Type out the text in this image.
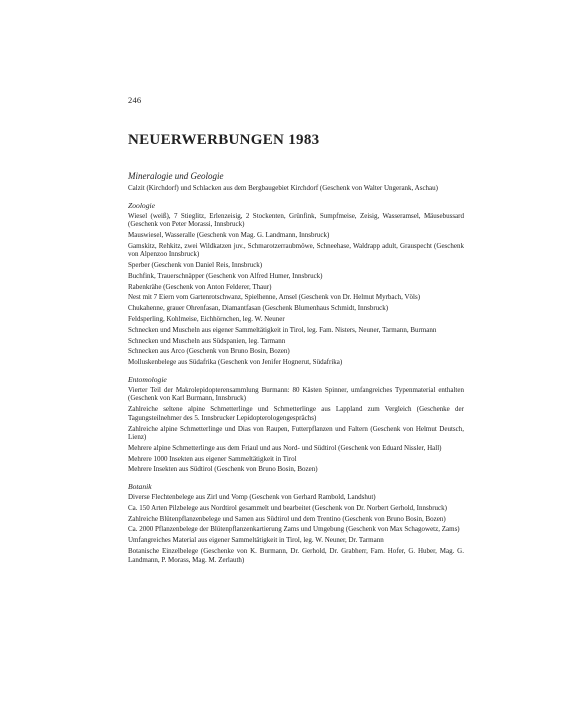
246
NEUERWERBUNGEN 1983
Mineralogie und Geologie
Calzit (Kirchdorf) und Schlacken aus dem Bergbaugebiet Kirchdorf (Geschenk von Walter Ungerank, Aschau)
Zoologie
Wiesel (weiß), 7 Stieglitz, Erlenzeisig, 2 Stockenten, Grünfink, Sumpfmeise, Zeisig, Wasseramsel, Mäusebussard (Geschenk von Peter Morassi, Innsbruck)
Mauswiesel, Wasseralle (Geschenk von Mag. G. Landmann, Innsbruck)
Gamskitz, Rehkitz, zwei Wildkatzen juv., Schmarotzerraubmöwe, Schneehase, Waldrapp adult, Grauspecht (Geschenk von Alpenzoo Innsbruck)
Sperber (Geschenk von Daniel Reis, Innsbruck)
Buchfink, Trauerschnäpper (Geschenk von Alfred Humer, Innsbruck)
Rabenkrähe (Geschenk von Anton Felderer, Thaur)
Nest mit 7 Eiern vom Gartenrotschwanz, Spielhenne, Amsel (Geschenk von Dr. Helmut Myrbach, Völs)
Chukahenne, grauer Ohrenfasan, Diamantfasan (Geschenk Blumenhaus Schmidt, Innsbruck)
Feldsperling, Kohlmeise, Eichhörnchen, leg. W. Neuner
Schnecken und Muscheln aus eigener Sammeltätigkeit in Tirol, leg. Fam. Nisters, Neuner, Tarmann, Burmann
Schnecken und Muscheln aus Südspanien, leg. Tarmann
Schnecken aus Arco (Geschenk von Bruno Bosin, Bozen)
Molluskenbelege aus Südafrika (Geschenk von Jenifer Hognerut, Südafrika)
Entomologie
Vierter Teil der Makrolepidopterensammlung Burmann: 80 Kästen Spinner, umfangreiches Typenmaterial enthalten (Geschenk von Karl Burmann, Innsbruck)
Zahlreiche seltene alpine Schmetterlinge und Schmetterlinge aus Lappland zum Vergleich (Geschenke der Tagungsteilnehmer des 5. Innsbrucker Lepidopterologengesprächs)
Zahlreiche alpine Schmetterlinge und Dias von Raupen, Futterpflanzen und Faltern (Geschenk von Helmut Deutsch, Lienz)
Mehrere alpine Schmetterlinge aus dem Friaul und aus Nord- und Südtirol (Geschenk von Eduard Nissler, Hall)
Mehrere 1000 Insekten aus eigener Sammeltätigkeit in Tirol
Mehrere Insekten aus Südtirol (Geschenk von Bruno Bosin, Bozen)
Botanik
Diverse Flechtenbelege aus Zirl und Vomp (Geschenk von Gerhard Rambold, Landshut)
Ca. 150 Arten Pilzbelege aus Nordtirol gesammelt und bearbeitet (Geschenk von Dr. Norbert Gerhold, Innsbruck)
Zahlreiche Blütenpflanzenbelege und Samen aus Südtirol und dem Trentino (Geschenk von Bruno Bosin, Bozen)
Ca. 2000 Pflanzenbelege der Blütenpflanzenkartierung Zams und Umgebung (Geschenk von Max Schagowetz, Zams)
Umfangreiches Material aus eigener Sammeltätigkeit in Tirol, leg. W. Neuner, Dr. Tarmann
Botanische Einzelbelege (Geschenke von K. Burmann, Dr. Gerhold, Dr. Grabherr, Fam. Hofer, G. Huber, Mag. G. Landmann, P. Morass, Mag. M. Zerlauth)
